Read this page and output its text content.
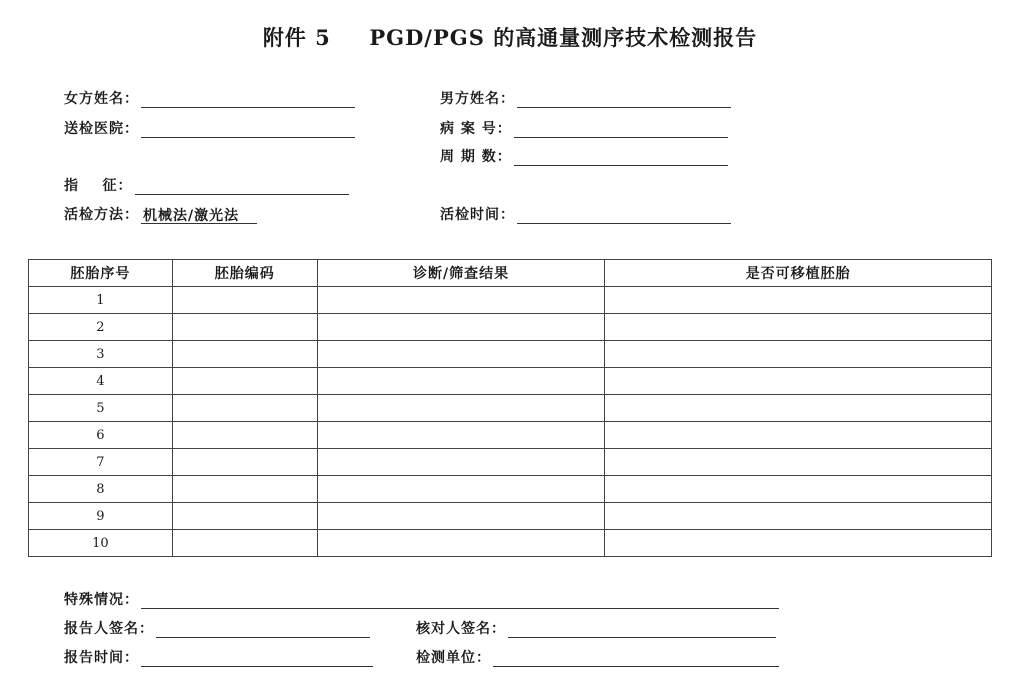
附件 5 PGD/PGS 的高通量测序技术检测报告
女方姓名：	男方姓名：
送检医院：	病 案 号：
周 期 数：
指    征：
活检方法： 机械法/激光法	活检时间：
胚胎序号	胚胎编码	诊断/筛查结果	是否可移植胚胎
1			
2			
3			
4			
5			
6			
7			
8			
9			
10			
特殊情况：
报告人签名：	核对人签名：
报告时间：	检测单位：
